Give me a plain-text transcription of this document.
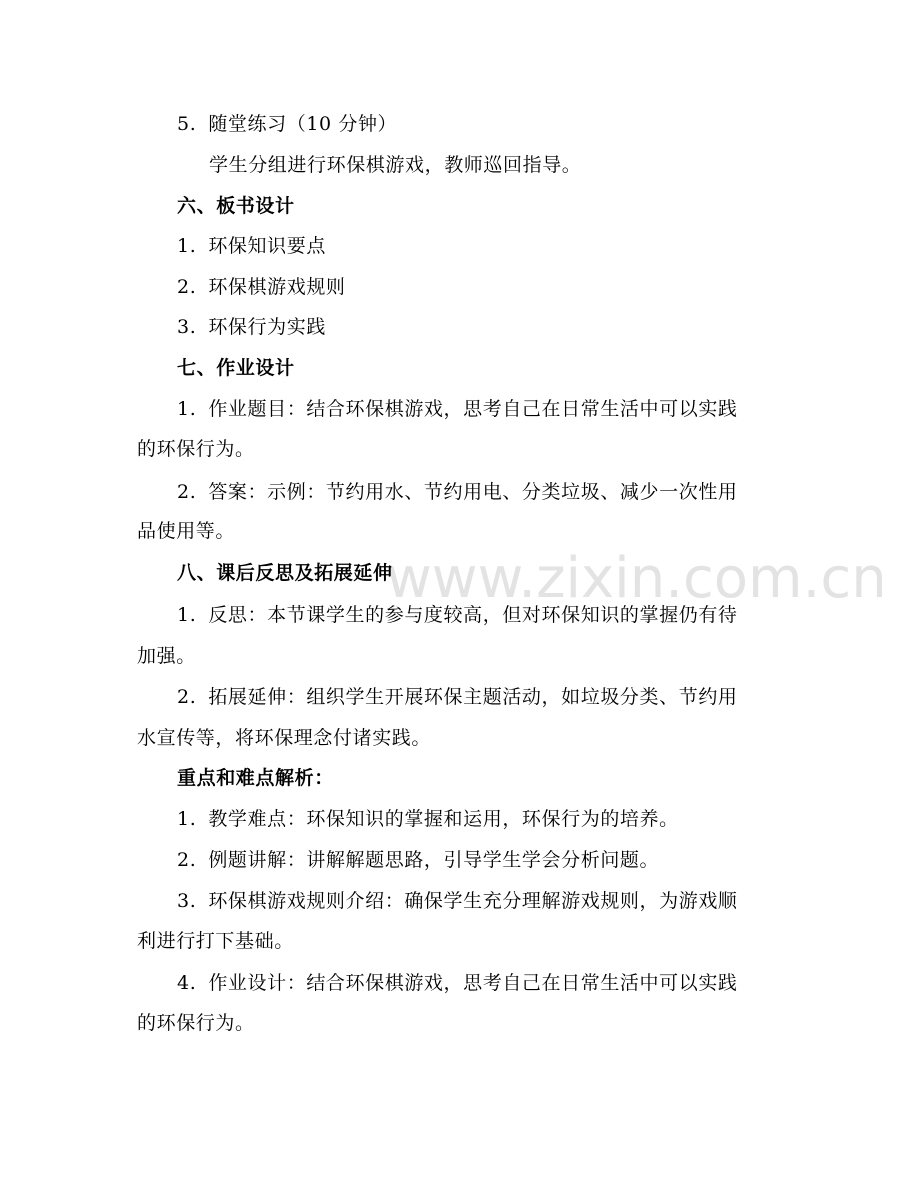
www.zixin.com.cn
5. 随堂练习（10 分钟）
学生分组进行环保棋游戏，教师巡回指导。
六、板书设计
1. 环保知识要点
2. 环保棋游戏规则
3. 环保行为实践
七、作业设计
1. 作业题目：结合环保棋游戏，思考自己在日常生活中可以实践
的环保行为。
2. 答案：示例：节约用水、节约用电、分类垃圾、减少一次性用
品使用等。
八、课后反思及拓展延伸
1. 反思：本节课学生的参与度较高，但对环保知识的掌握仍有待
加强。
2. 拓展延伸：组织学生开展环保主题活动，如垃圾分类、节约用
水宣传等，将环保理念付诸实践。
重点和难点解析：
1. 教学难点：环保知识的掌握和运用，环保行为的培养。
2. 例题讲解：讲解解题思路，引导学生学会分析问题。
3. 环保棋游戏规则介绍：确保学生充分理解游戏规则，为游戏顺
利进行打下基础。
4. 作业设计：结合环保棋游戏，思考自己在日常生活中可以实践
的环保行为。
